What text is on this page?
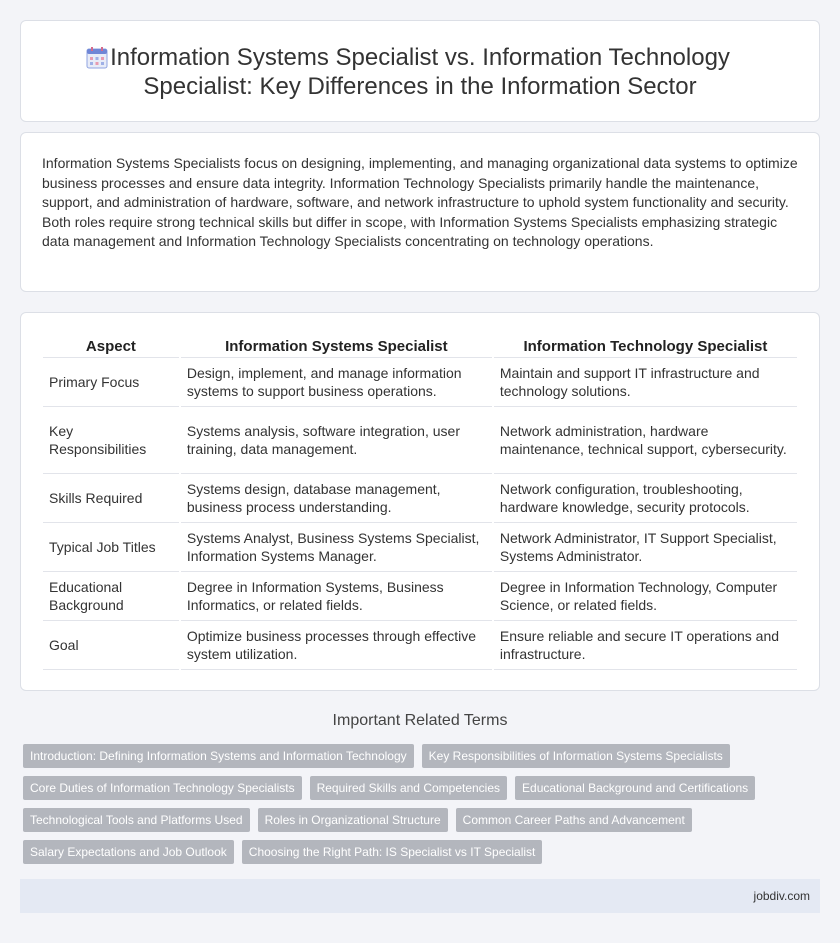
Information Systems Specialist vs. Information Technology Specialist: Key Differences in the Information Sector

Information Systems Specialists focus on designing, implementing, and managing organizational data systems to optimize business processes and ensure data integrity. Information Technology Specialists primarily handle the maintenance, support, and administration of hardware, software, and network infrastructure to uphold system functionality and security. Both roles require strong technical skills but differ in scope, with Information Systems Specialists emphasizing strategic data management and Information Technology Specialists concentrating on technology operations.

Aspect	Information Systems Specialist	Information Technology Specialist
Primary Focus	Design, implement, and manage information systems to support business operations.	Maintain and support IT infrastructure and technology solutions.
Key Responsibilities	Systems analysis, software integration, user training, data management.	Network administration, hardware maintenance, technical support, cybersecurity.
Skills Required	Systems design, database management, business process understanding.	Network configuration, troubleshooting, hardware knowledge, security protocols.
Typical Job Titles	Systems Analyst, Business Systems Specialist, Information Systems Manager.	Network Administrator, IT Support Specialist, Systems Administrator.
Educational Background	Degree in Information Systems, Business Informatics, or related fields.	Degree in Information Technology, Computer Science, or related fields.
Goal	Optimize business processes through effective system utilization.	Ensure reliable and secure IT operations and infrastructure.
Important Related Terms
Introduction: Defining Information Systems and Information Technology	Key Responsibilities of Information Systems Specialists
Core Duties of Information Technology Specialists	Required Skills and Competencies	Educational Background and Certifications
Technological Tools and Platforms Used	Roles in Organizational Structure	Common Career Paths and Advancement
Salary Expectations and Job Outlook	Choosing the Right Path: IS Specialist vs IT Specialist
jobdiv.com
